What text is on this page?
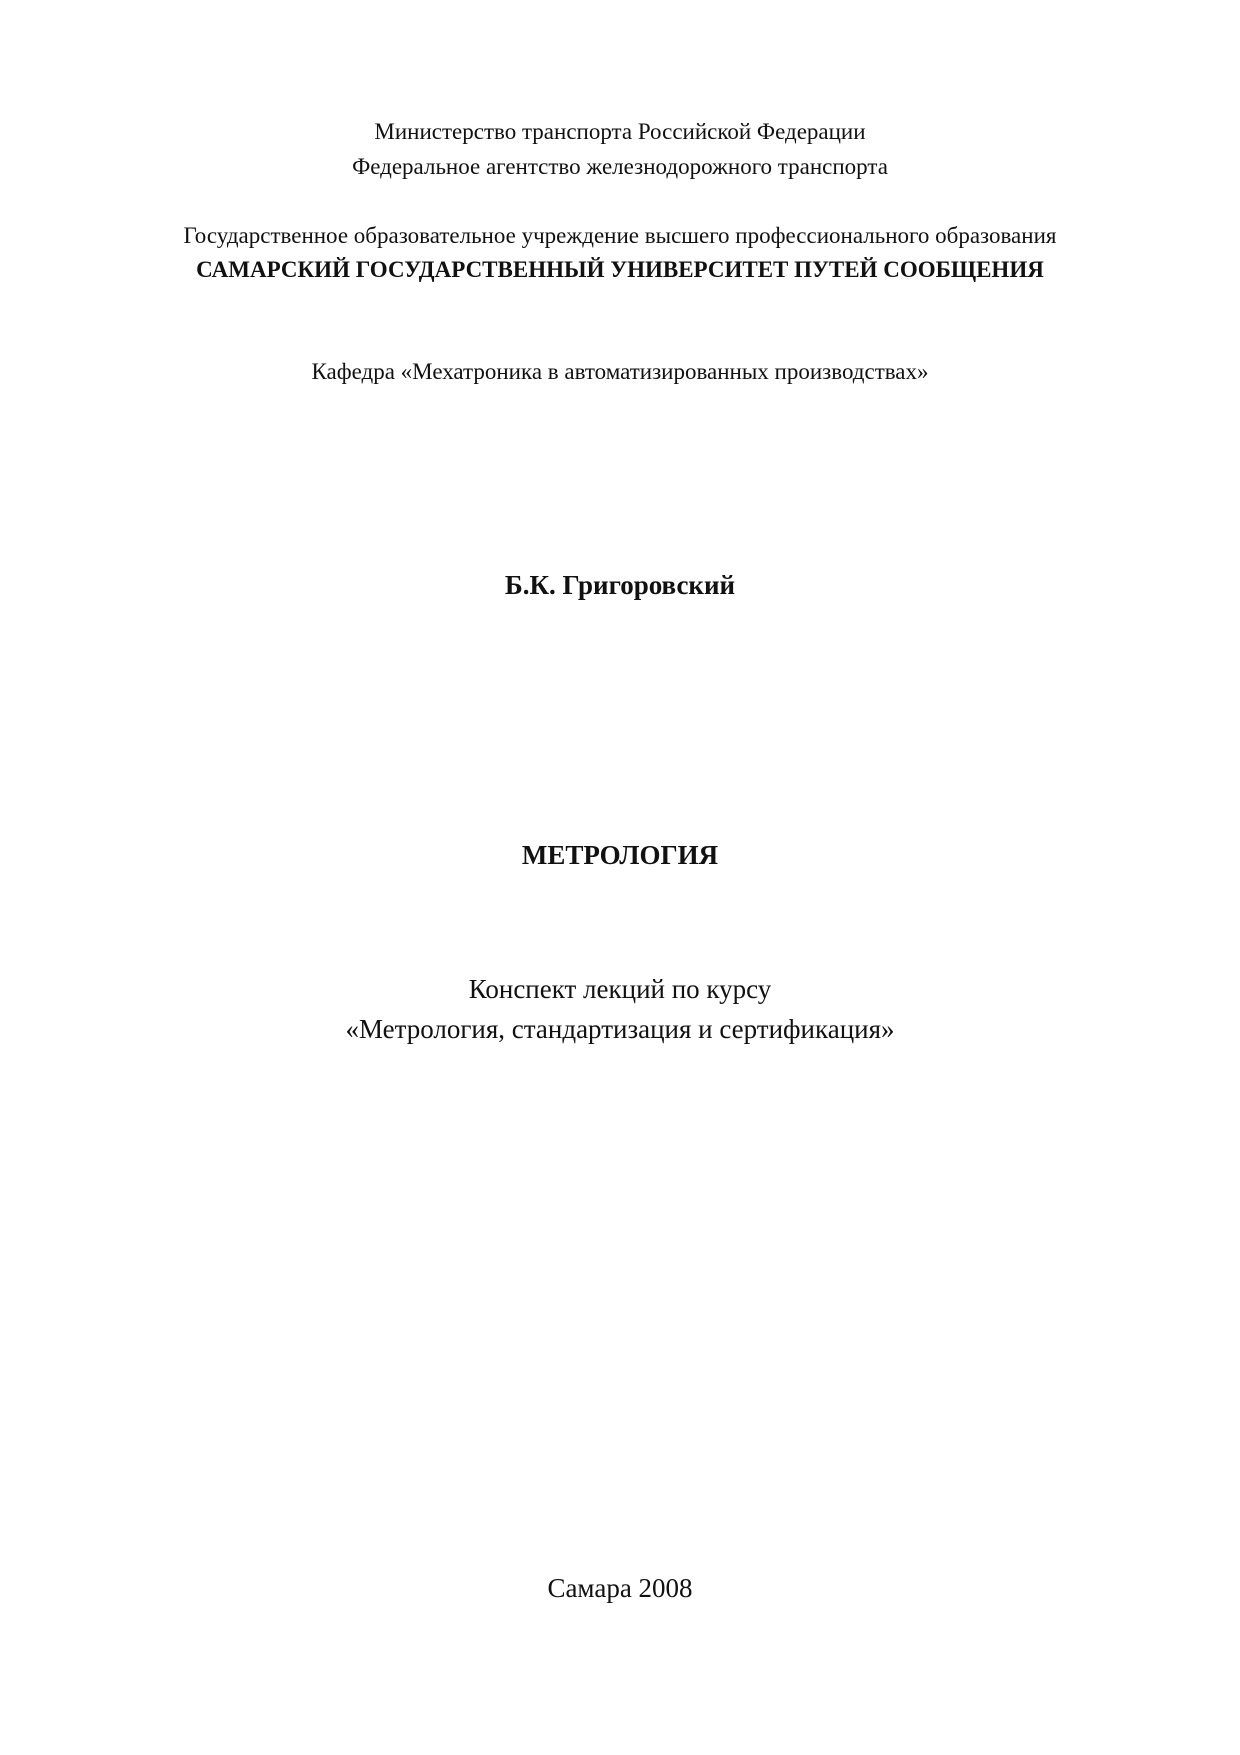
Министерство транспорта Российской Федерации
Федеральное агентство железнодорожного транспорта
Государственное образовательное учреждение высшего профессионального образования
САМАРСКИЙ ГОСУДАРСТВЕННЫЙ УНИВЕРСИТЕТ ПУТЕЙ СООБЩЕНИЯ
Кафедра «Мехатроника в автоматизированных производствах»
Б.К. Григоровский
МЕТРОЛОГИЯ
Конспект лекций по курсу
«Метрология, стандартизация и сертификация»
Самара 2008
